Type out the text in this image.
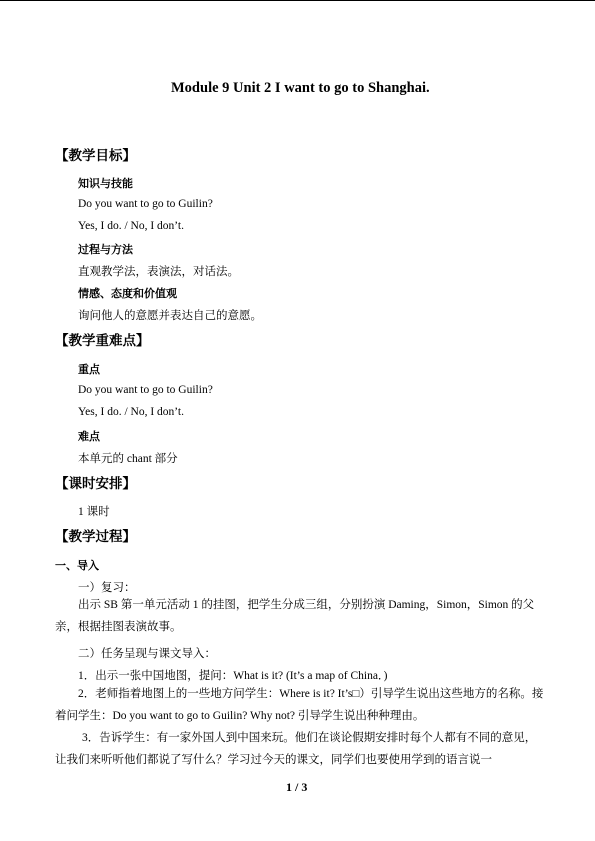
Module 9 Unit 2 I want to go to Shanghai.
【教学目标】
知识与技能
Do you want to go to Guilin?
Yes, I do. / No, I don’t.
过程与方法
直观教学法，表演法，对话法。
情感、态度和价值观
询问他人的意愿并表达自己的意愿。
【教学重难点】
重点
Do you want to go to Guilin?
Yes, I do. / No, I don’t.
难点
本单元的 chant 部分
【课时安排】
1 课时
【教学过程】
一、导入
一）复习：
出示 SB 第一单元活动 1 的挂图，把学生分成三组，分别扮演 Daming，Simon，Simon 的父亲，根据挂图表演故事。
二）任务呈现与课文导入：
1．出示一张中国地图，提问：What is it? (It’s a map of China．)
2．老师指着地图上的一些地方问学生：Where is it? It’s□）引导学生说出这些地方的名称。接着问学生：Do you want to go to Guilin? Why not? 引导学生说出种种理由。
3．告诉学生：有一家外国人到中国来玩。他们在谈论假期安排时每个人都有不同的意见，让我们来听听他们都说了写什么？学习过今天的课文，同学们也要使用学到的语言说一
1 / 3
